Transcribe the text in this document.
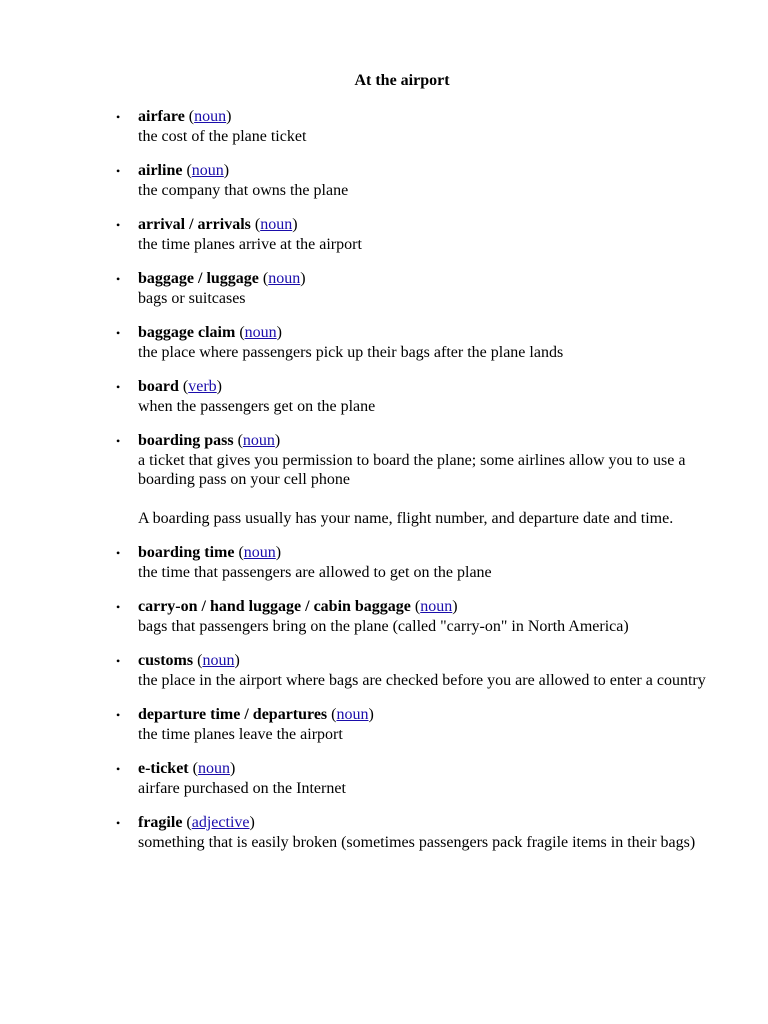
At the airport
• airfare (noun)
the cost of the plane ticket
• airline (noun)
the company that owns the plane
• arrival / arrivals (noun)
the time planes arrive at the airport
• baggage / luggage (noun)
bags or suitcases
• baggage claim (noun)
the place where passengers pick up their bags after the plane lands
• board (verb)
when the passengers get on the plane
• boarding pass (noun)
a ticket that gives you permission to board the plane; some airlines allow you to use a boarding pass on your cell phone
A boarding pass usually has your name, flight number, and departure date and time.
• boarding time (noun)
the time that passengers are allowed to get on the plane
• carry-on / hand luggage / cabin baggage (noun)
bags that passengers bring on the plane (called "carry-on" in North America)
• customs (noun)
the place in the airport where bags are checked before you are allowed to enter a country
• departure time / departures (noun)
the time planes leave the airport
• e-ticket (noun)
airfare purchased on the Internet
• fragile (adjective)
something that is easily broken (sometimes passengers pack fragile items in their bags)
